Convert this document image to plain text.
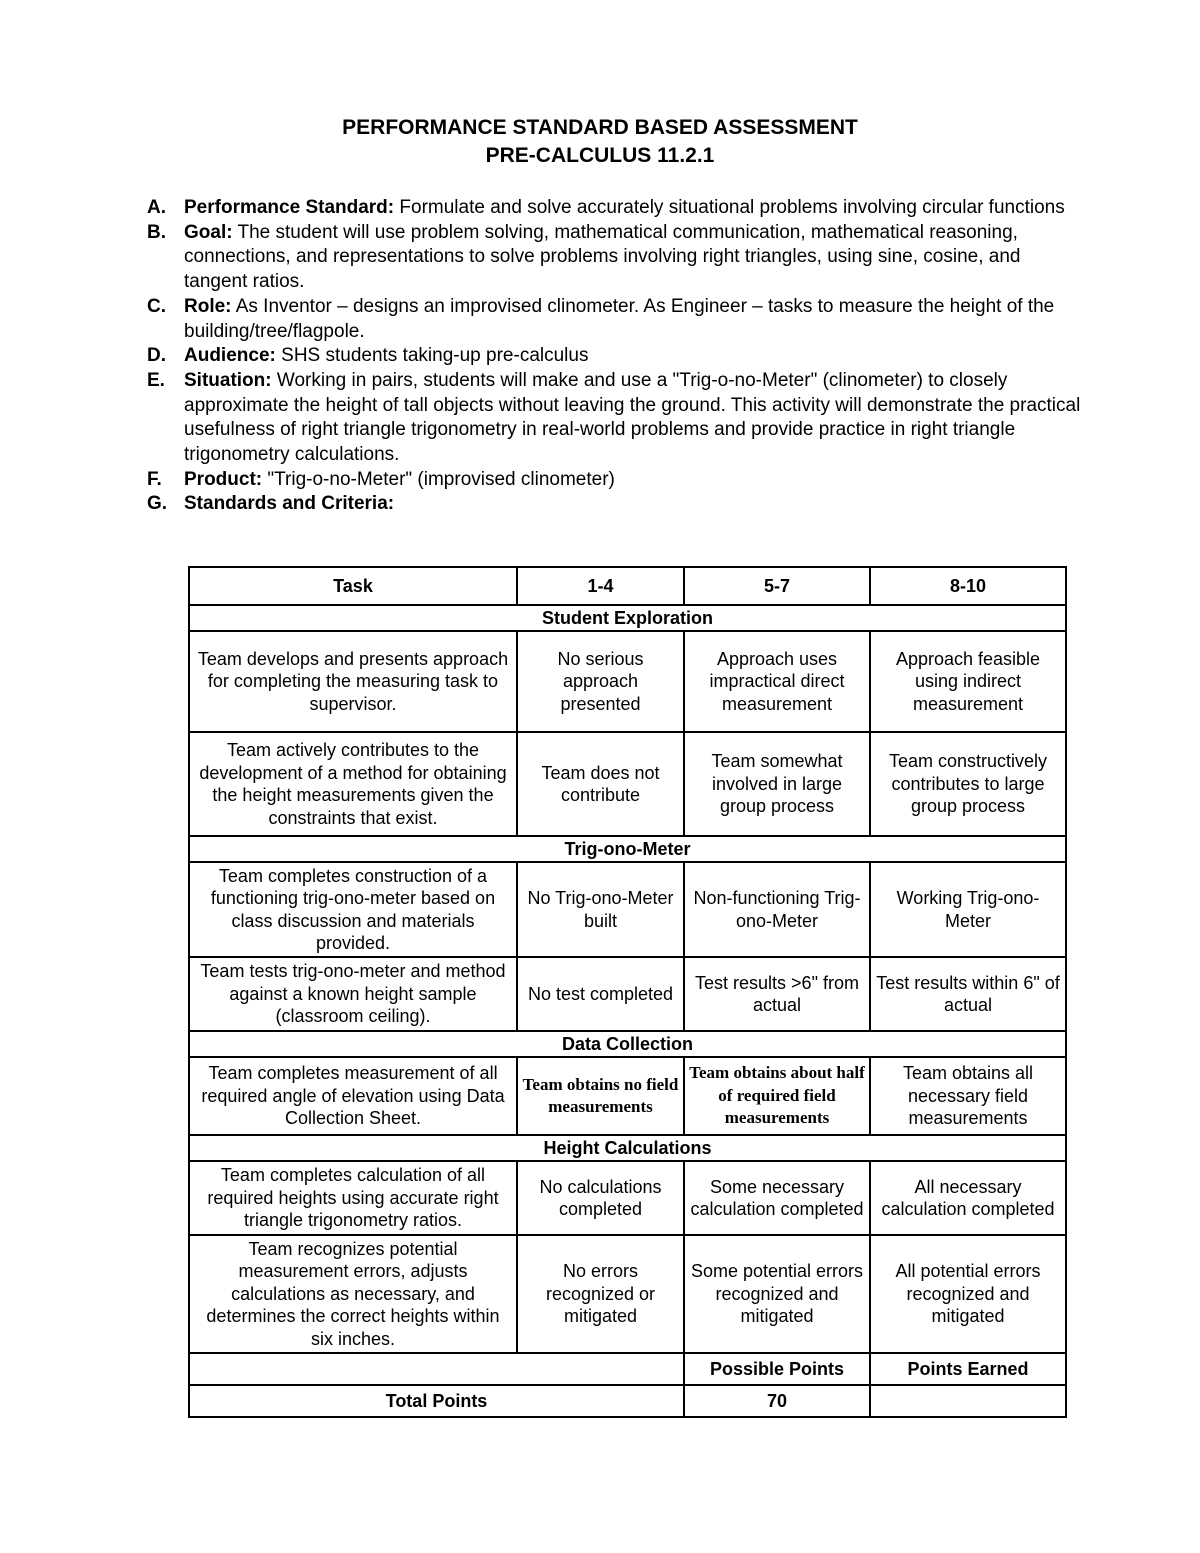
PERFORMANCE STANDARD BASED ASSESSMENT
PRE-CALCULUS 11.2.1
A. Performance Standard: Formulate and solve accurately situational problems involving circular functions
B. Goal: The student will use problem solving, mathematical communication, mathematical reasoning, connections, and representations to solve problems involving right triangles, using sine, cosine, and tangent ratios.
C. Role: As Inventor – designs an improvised clinometer. As Engineer – tasks to measure the height of the building/tree/flagpole.
D. Audience: SHS students taking-up pre-calculus
E. Situation: Working in pairs, students will make and use a "Trig-o-no-Meter" (clinometer) to closely approximate the height of tall objects without leaving the ground. This activity will demonstrate the practical usefulness of right triangle trigonometry in real-world problems and provide practice in right triangle trigonometry calculations.
F. Product: "Trig-o-no-Meter" (improvised clinometer)
G. Standards and Criteria:
Task	1-4	5-7	8-10
Student Exploration			
Team develops and presents approach for completing the measuring task to supervisor.	No serious approach presented	Approach uses impractical direct measurement	Approach feasible using indirect measurement
Team actively contributes to the development of a method for obtaining the height measurements given the constraints that exist.	Team does not contribute	Team somewhat involved in large group process	Team constructively contributes to large group process
Trig-ono-Meter			
Team completes construction of a functioning trig-ono-meter based on class discussion and materials provided.	No Trig-ono-Meter built	Non-functioning Trig-ono-Meter	Working Trig-ono-Meter
Team tests trig-ono-meter and method against a known height sample (classroom ceiling).	No test completed	Test results >6" from actual	Test results within 6" of actual
Data Collection			
Team completes measurement of all required angle of elevation using Data Collection Sheet.	Team obtains no field measurements	Team obtains about half of required field measurements	Team obtains all necessary field measurements
Height Calculations			
Team completes calculation of all required heights using accurate right triangle trigonometry ratios.	No calculations completed	Some necessary calculation completed	All necessary calculation completed
Team recognizes potential measurement errors, adjusts calculations as necessary, and determines the correct heights within six inches.	No errors recognized or mitigated	Some potential errors recognized and mitigated	All potential errors recognized and mitigated
		Possible Points	Points Earned
Total Points		70	
